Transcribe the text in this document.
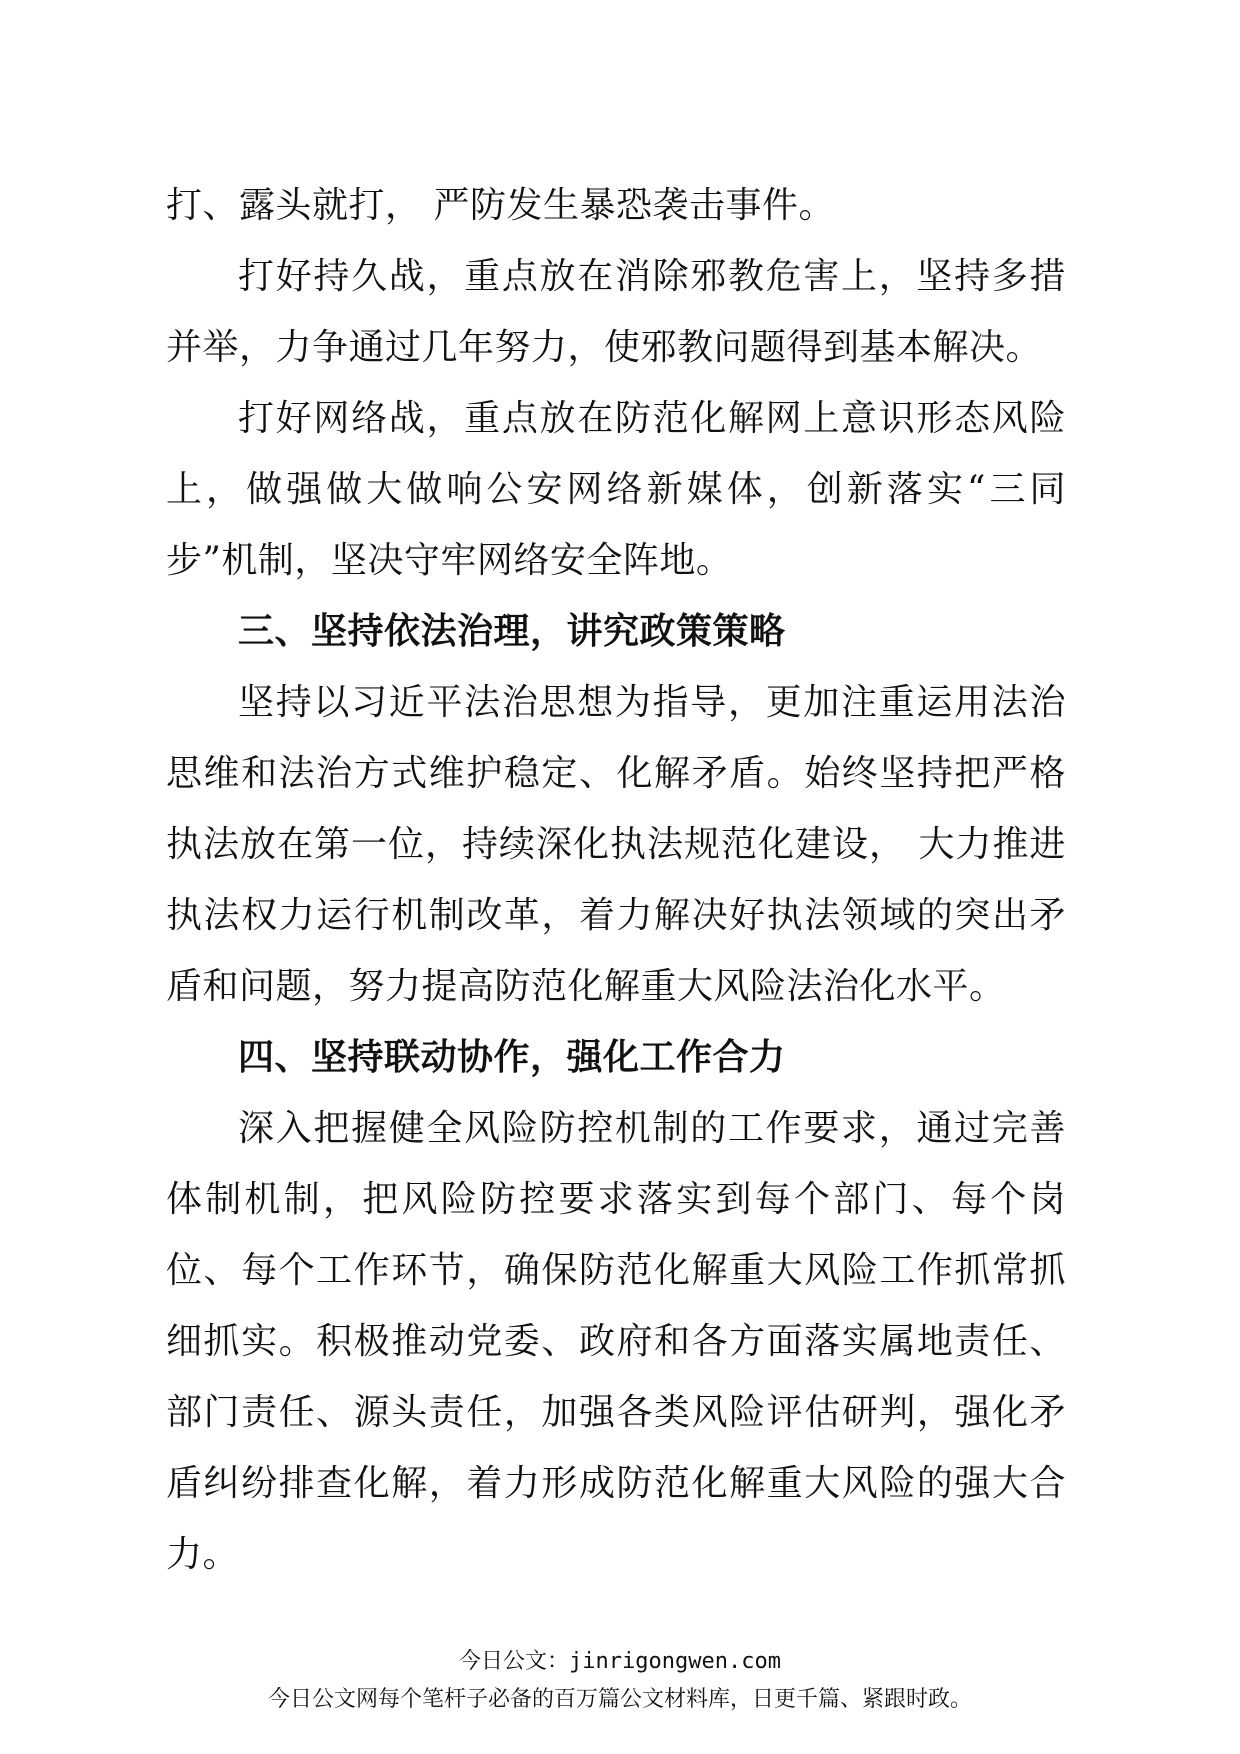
打、露头就打， 严防发生暴恐袭击事件。

打好持久战，重点放在消除邪教危害上，坚持多措并举，力争通过几年努力，使邪教问题得到基本解决。

打好网络战，重点放在防范化解网上意识形态风险上，做强做大做响公安网络新媒体，创新落实“三同步”机制，坚决守牢网络安全阵地。

三、坚持依法治理，讲究政策策略

坚持以习近平法治思想为指导，更加注重运用法治思维和法治方式维护稳定、化解矛盾。始终坚持把严格执法放在第一位，持续深化执法规范化建设， 大力推进执法权力运行机制改革，着力解决好执法领域的突出矛盾和问题，努力提高防范化解重大风险法治化水平。

四、坚持联动协作，强化工作合力

深入把握健全风险防控机制的工作要求，通过完善体制机制，把风险防控要求落实到每个部门、每个岗位、每个工作环节，确保防范化解重大风险工作抓常抓细抓实。积极推动党委、政府和各方面落实属地责任、部门责任、源头责任，加强各类风险评估研判，强化矛盾纠纷排查化解，着力形成防范化解重大风险的强大合力。

今日公文：jinrigongwen.com
今日公文网每个笔杆子必备的百万篇公文材料库，日更千篇、紧跟时政。
